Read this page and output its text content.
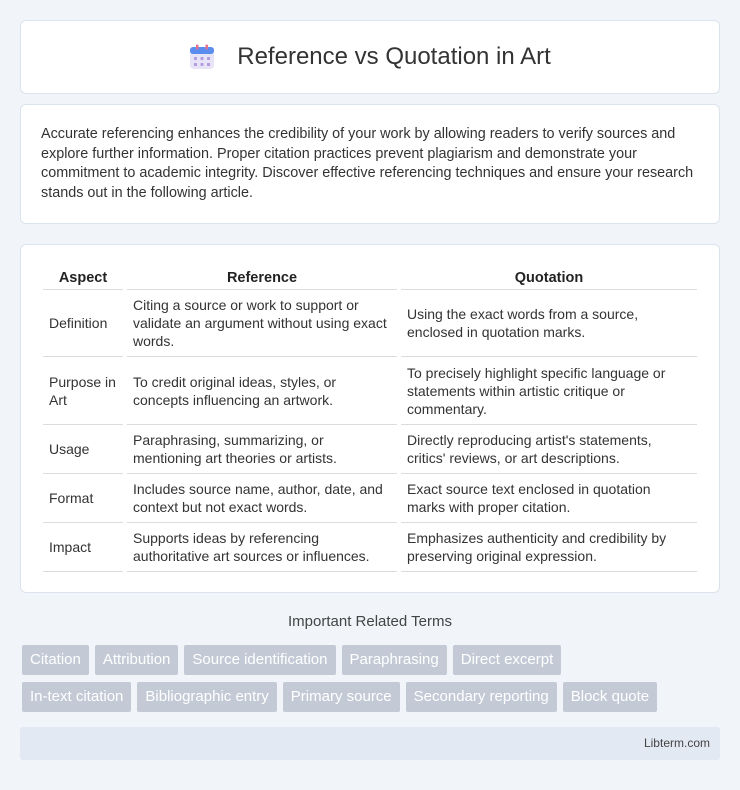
Reference vs Quotation in Art

Accurate referencing enhances the credibility of your work by allowing readers to verify sources and explore further information. Proper citation practices prevent plagiarism and demonstrate your commitment to academic integrity. Discover effective referencing techniques and ensure your research stands out in the following article.

Aspect	Reference	Quotation
Definition	Citing a source or work to support or validate an argument without using exact words.	Using the exact words from a source, enclosed in quotation marks.
Purpose in Art	To credit original ideas, styles, or concepts influencing an artwork.	To precisely highlight specific language or statements within artistic critique or commentary.
Usage	Paraphrasing, summarizing, or mentioning art theories or artists.	Directly reproducing artist's statements, critics' reviews, or art descriptions.
Format	Includes source name, author, date, and context but not exact words.	Exact source text enclosed in quotation marks with proper citation.
Impact	Supports ideas by referencing authoritative art sources or influences.	Emphasizes authenticity and credibility by preserving original expression.
Important Related Terms
Citation	Attribution	Source identification	Paraphrasing	Direct excerpt
In-text citation	Bibliographic entry	Primary source	Secondary reporting	Block quote
Libterm.com
